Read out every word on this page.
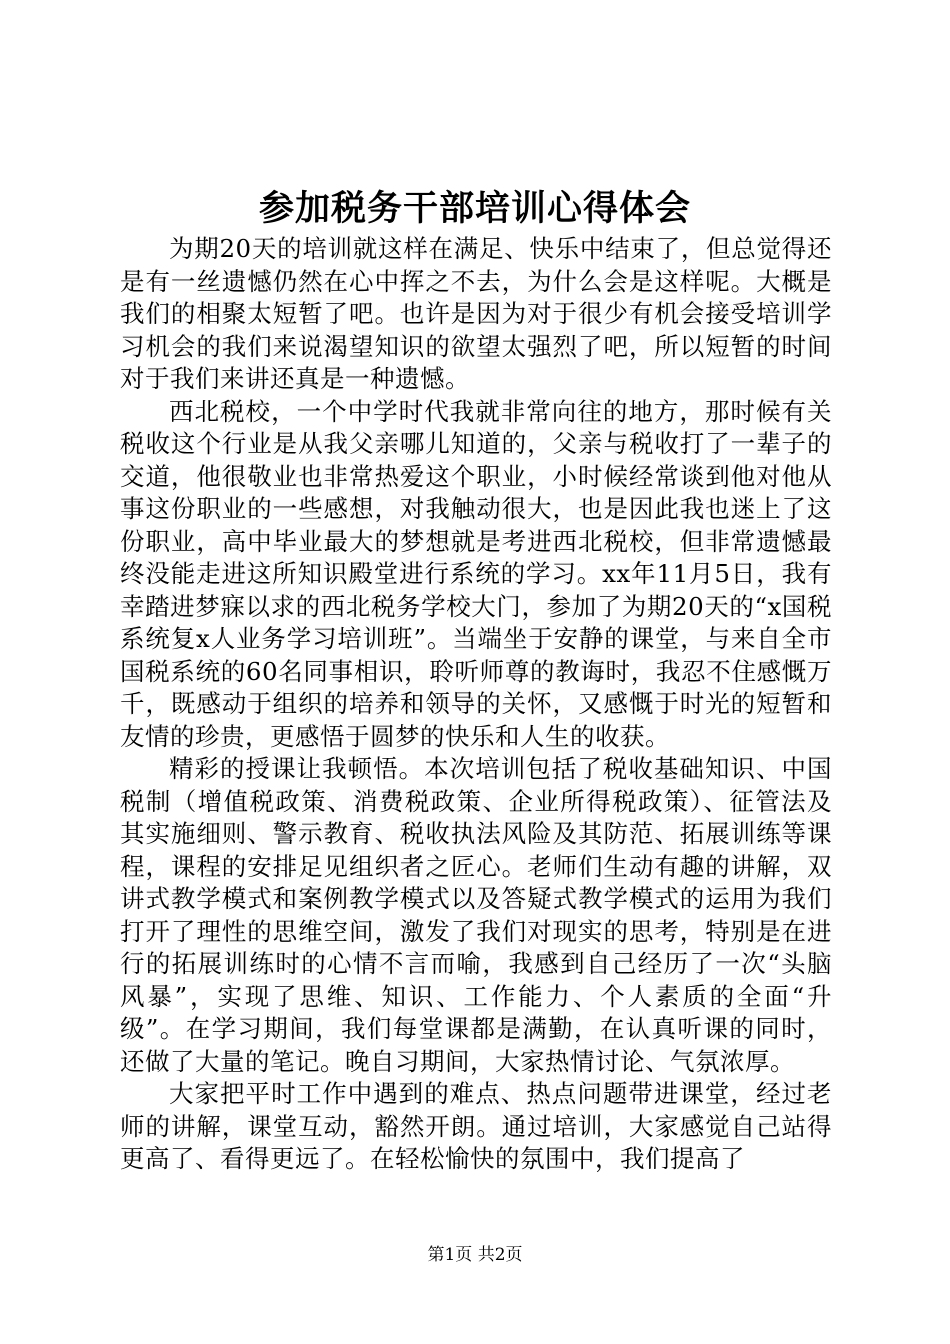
参加税务干部培训心得体会

为期20天的培训就这样在满足、快乐中结束了，但总觉得还是有一丝遗憾仍然在心中挥之不去，为什么会是这样呢。大概是我们的相聚太短暂了吧。也许是因为对于很少有机会接受培训学习机会的我们来说渴望知识的欲望太强烈了吧，所以短暂的时间对于我们来讲还真是一种遗憾。

西北税校，一个中学时代我就非常向往的地方，那时候有关税收这个行业是从我父亲哪儿知道的，父亲与税收打了一辈子的交道，他很敬业也非常热爱这个职业，小时候经常谈到他对他从事这份职业的一些感想，对我触动很大，也是因此我也迷上了这份职业，高中毕业最大的梦想就是考进西北税校，但非常遗憾最终没能走进这所知识殿堂进行系统的学习。xx年11月5日，我有幸踏进梦寐以求的西北税务学校大门，参加了为期20天的“x国税系统复x人业务学习培训班”。当端坐于安静的课堂，与来自全市国税系统的60名同事相识，聆听师尊的教诲时，我忍不住感慨万千，既感动于组织的培养和领导的关怀，又感慨于时光的短暂和友情的珍贵，更感悟于圆梦的快乐和人生的收获。

精彩的授课让我顿悟。本次培训包括了税收基础知识、中国税制（增值税政策、消费税政策、企业所得税政策）、征管法及其实施细则、警示教育、税收执法风险及其防范、拓展训练等课程，课程的安排足见组织者之匠心。老师们生动有趣的讲解，双讲式教学模式和案例教学模式以及答疑式教学模式的运用为我们打开了理性的思维空间，激发了我们对现实的思考，特别是在进行的拓展训练时的心情不言而喻，我感到自己经历了一次“头脑风暴”，实现了思维、知识、工作能力、个人素质的全面“升级”。在学习期间，我们每堂课都是满勤，在认真听课的同时，还做了大量的笔记。晚自习期间，大家热情讨论、气氛浓厚。

大家把平时工作中遇到的难点、热点问题带进课堂，经过老师的讲解，课堂互动，豁然开朗。通过培训，大家感觉自己站得更高了、看得更远了。在轻松愉快的氛围中，我们提高了

第1页 共2页
